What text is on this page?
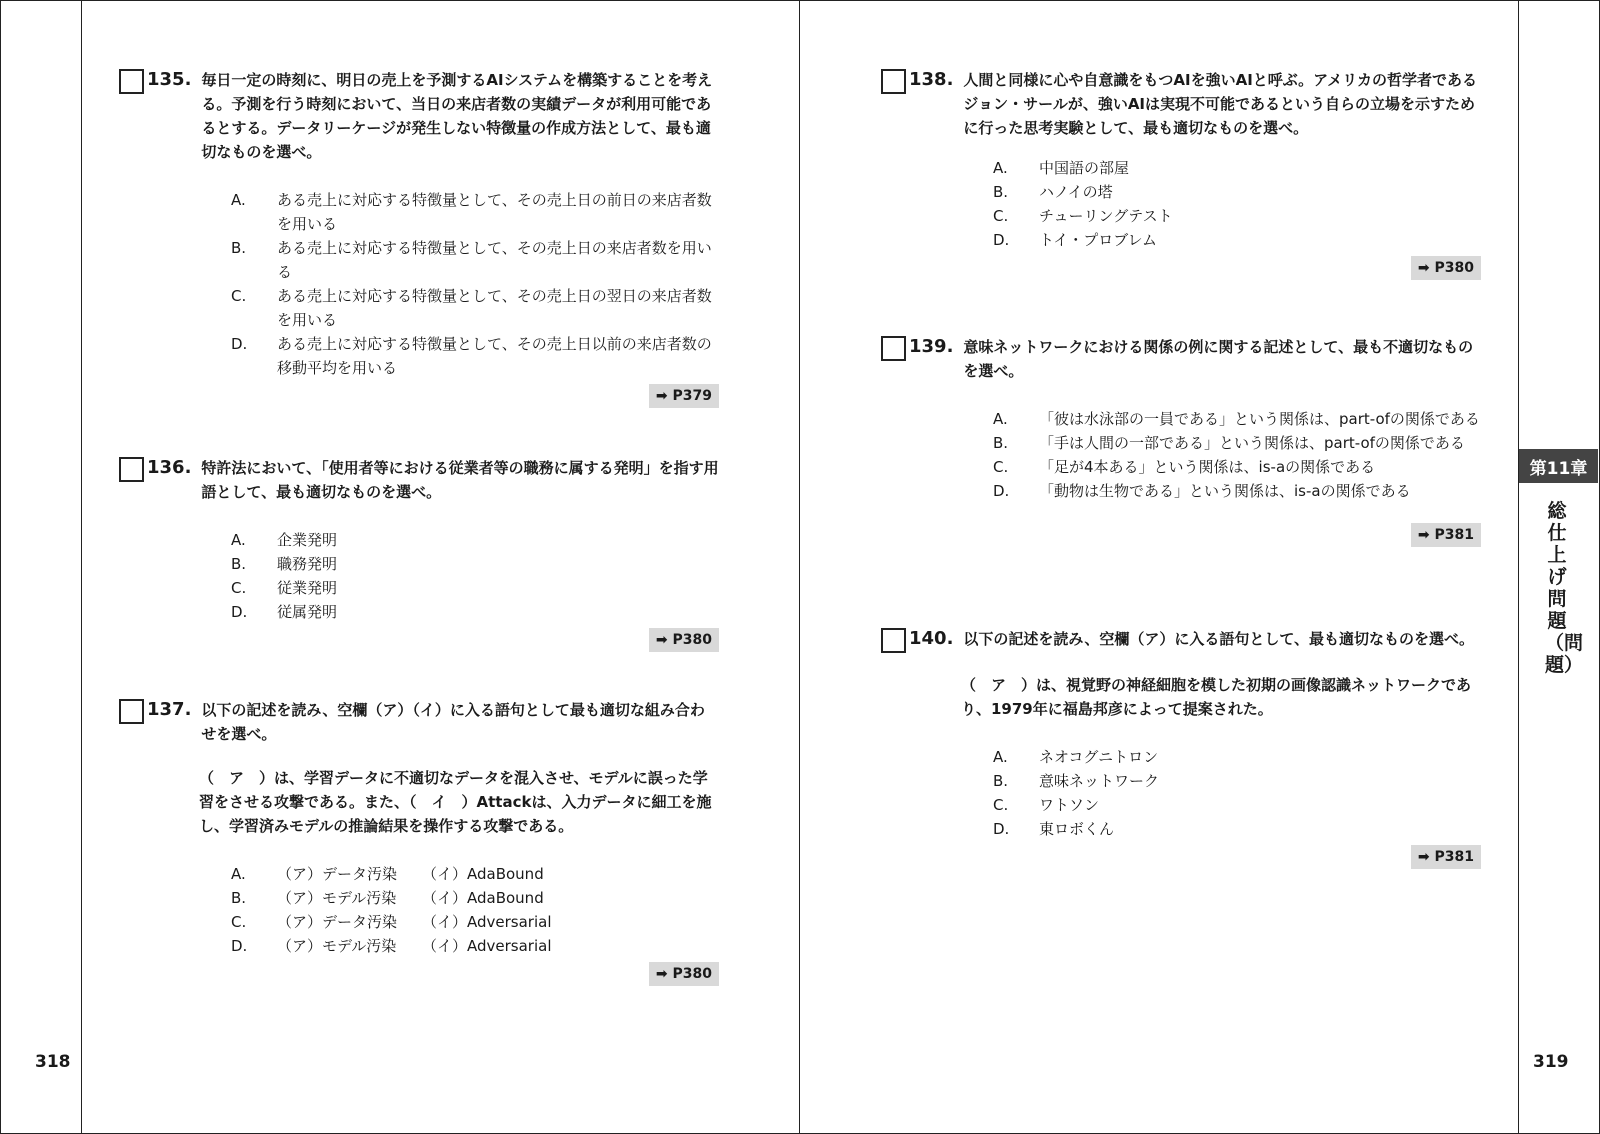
318	319
第11章
総仕上げ問題（問題）
135. 毎日一定の時刻に、明日の売上を予測するAIシステムを構築することを考える。予測を行う時刻において、当日の来店者数の実績データが利用可能であるとする。データリーケージが発生しない特徴量の作成方法として、最も適切なものを選べ。
A.	ある売上に対応する特徴量として、その売上日の前日の来店者数を用いる
B.	ある売上に対応する特徴量として、その売上日の来店者数を用いる
C.	ある売上に対応する特徴量として、その売上日の翌日の来店者数を用いる
D.	ある売上に対応する特徴量として、その売上日以前の来店者数の移動平均を用いる
➡ P379
136. 特許法において、「使用者等における従業者等の職務に属する発明」を指す用語として、最も適切なものを選べ。
A.	企業発明
B.	職務発明
C.	従業発明
D.	従属発明
➡ P380
137. 以下の記述を読み、空欄（ア）（イ）に入る語句として最も適切な組み合わせを選べ。
（　ア　）は、学習データに不適切なデータを混入させ、モデルに誤った学習をさせる攻撃である。また、（　イ　）Attackは、入力データに細工を施し、学習済みモデルの推論結果を操作する攻撃である。
A.	（ア）データ汚染 （イ）AdaBound
B.	（ア）モデル汚染 （イ）AdaBound
C.	（ア）データ汚染 （イ）Adversarial
D.	（ア）モデル汚染 （イ）Adversarial
➡ P380
138. 人間と同様に心や自意識をもつAIを強いAIと呼ぶ。アメリカの哲学者であるジョン・サールが、強いAIは実現不可能であるという自らの立場を示すために行った思考実験として、最も適切なものを選べ。
A.	中国語の部屋
B.	ハノイの塔
C.	チューリングテスト
D.	トイ・プロブレム
➡ P380
139. 意味ネットワークにおける関係の例に関する記述として、最も不適切なものを選べ。
A.	「彼は水泳部の一員である」という関係は、part-ofの関係である
B.	「手は人間の一部である」という関係は、part-ofの関係である
C.	「足が4本ある」という関係は、is-aの関係である
D.	「動物は生物である」という関係は、is-aの関係である
➡ P381
140. 以下の記述を読み、空欄（ア）に入る語句として、最も適切なものを選べ。
（　ア　）は、視覚野の神経細胞を模した初期の画像認識ネットワークであり、1979年に福島邦彦によって提案された。
A.	ネオコグニトロン
B.	意味ネットワーク
C.	ワトソン
D.	東ロボくん
➡ P381
